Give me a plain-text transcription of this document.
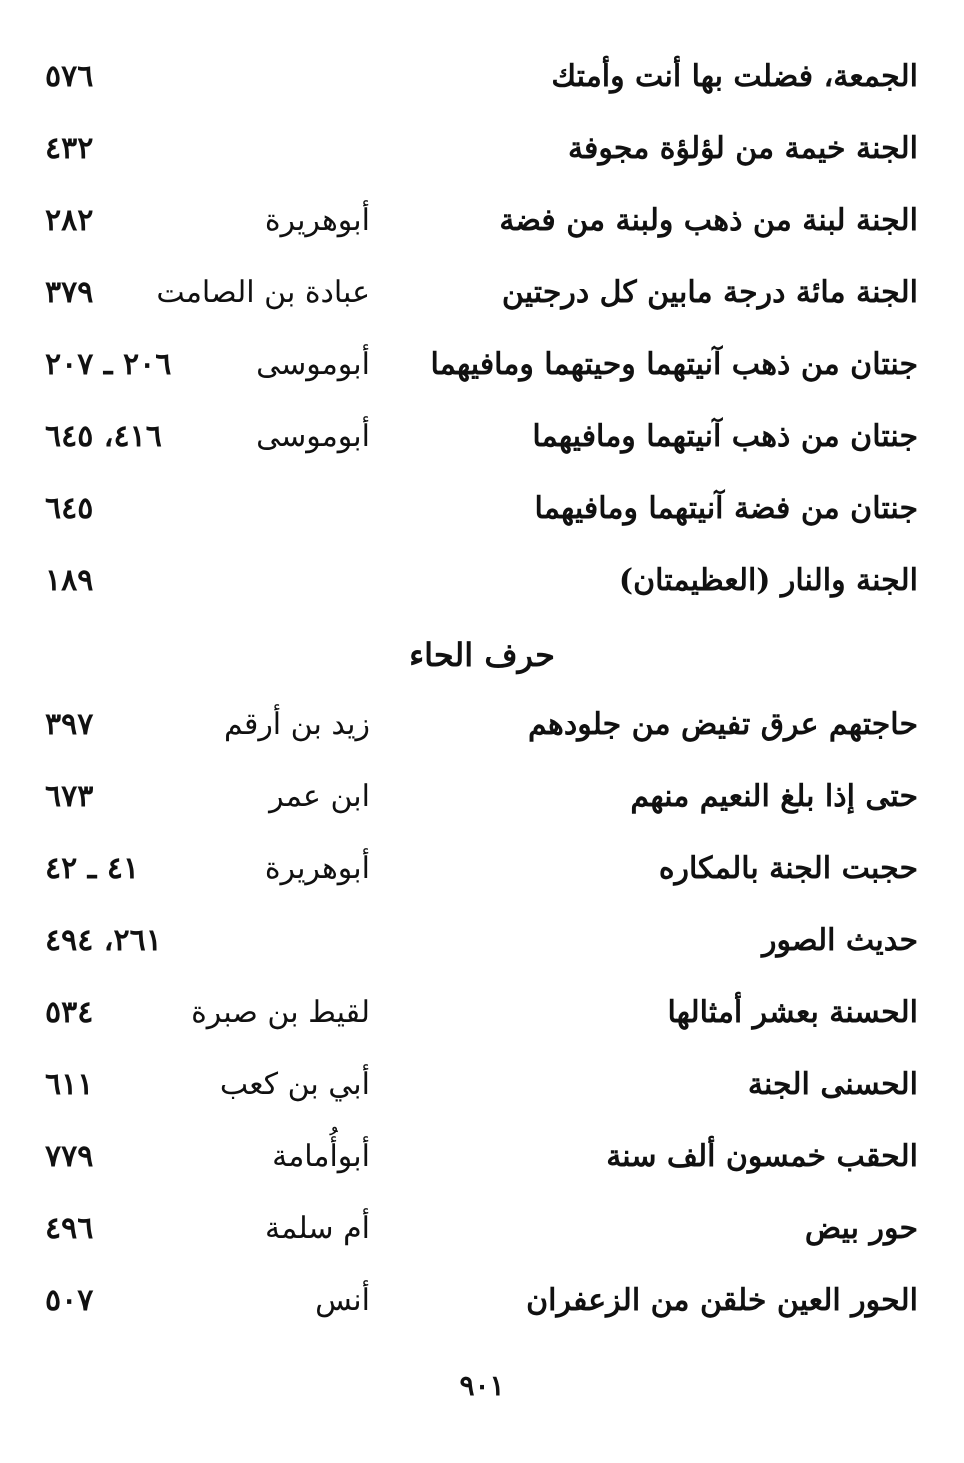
الجمعة، فضلت بها أنت وأمتك
٥٧٦
الجنة خيمة من لؤلؤة مجوفة
٤٣٢
الجنة لبنة من ذهب ولبنة من فضة
أبوهريرة
٢٨٢
الجنة مائة درجة مابين كل درجتين
عبادة بن الصامت
٣٧٩
جنتان من ذهب آنيتهما وحيتهما ومافيهما
أبوموسى
٢٠٦ ـ ٢٠٧
جنتان من ذهب آنيتهما ومافيهما
أبوموسى
٤١٦، ٦٤٥
جنتان من فضة آنيتهما ومافيهما
٦٤٥
الجنة والنار (العظيمتان)
١٨٩
حرف الحاء
حاجتهم عرق تفيض من جلودهم
زيد بن أرقم
٣٩٧
حتى إذا بلغ النعيم منهم
ابن عمر
٦٧٣
حجبت الجنة بالمكاره
أبوهريرة
٤١ ـ ٤٢
حديث الصور
٢٦١، ٤٩٤
الحسنة بعشر أمثالها
لقيط بن صبرة
٥٣٤
الحسنى الجنة
أبي بن كعب
٦١١
الحقب خمسون ألف سنة
أبوأُمامة
٧٧٩
حور بيض
أم سلمة
٤٩٦
الحور العين خلقن من الزعفران
أنس
٥٠٧
٩٠١
